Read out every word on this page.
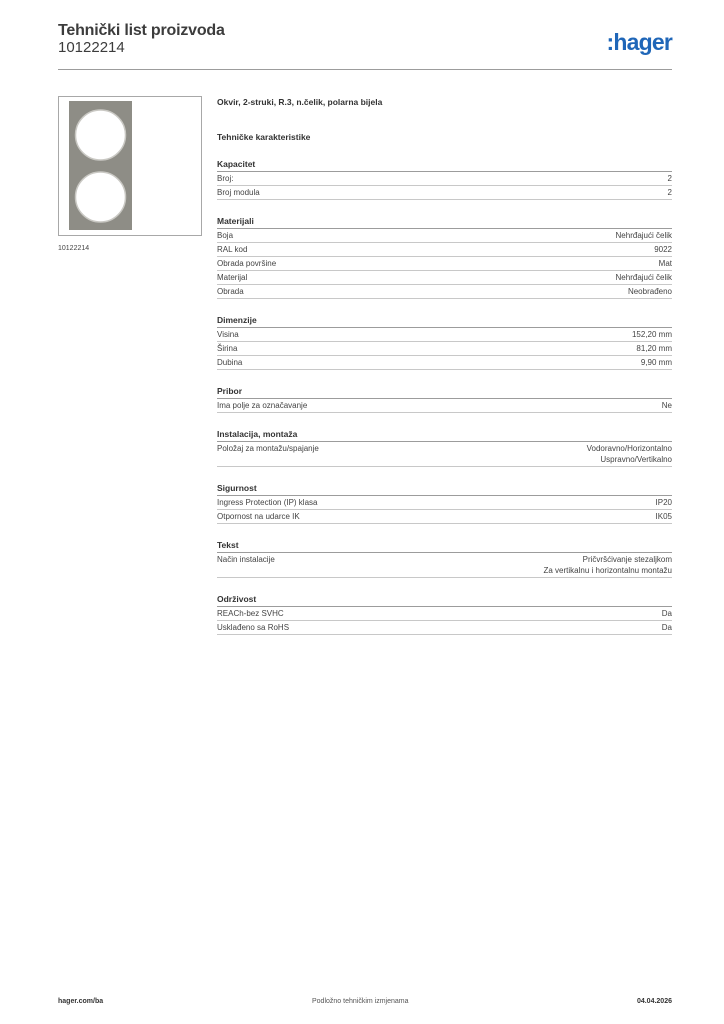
Tehnički list proizvoda
10122214	:hager
10122214
Okvir, 2-struki, R.3, n.čelik, polarna bijela
Tehničke karakteristike
Kapacitet
Broj:	2
Broj modula	2
Materijali
Boja	Nehrđajući čelik
RAL kod	9022
Obrada površine	Mat
Materijal	Nehrđajući čelik
Obrada	Neobrađeno
Dimenzije
Visina	152,20 mm
Širina	81,20 mm
Dubina	9,90 mm
Pribor
Ima polje za označavanje	Ne
Instalacija, montaža
Položaj za montažu/spajanje	Vodoravno/Horizontalno
Uspravno/Vertikalno
Sigurnost
Ingress Protection (IP) klasa	IP20
Otpornost na udarce IK	IK05
Tekst
Način instalacije	Pričvršćivanje stezaljkom
Za vertikalnu i horizontalnu montažu
Održivost
REACh-bez SVHC	Da
Usklađeno sa RoHS	Da
hager.com/ba	Podložno tehničkim izmjenama	04.04.2026
